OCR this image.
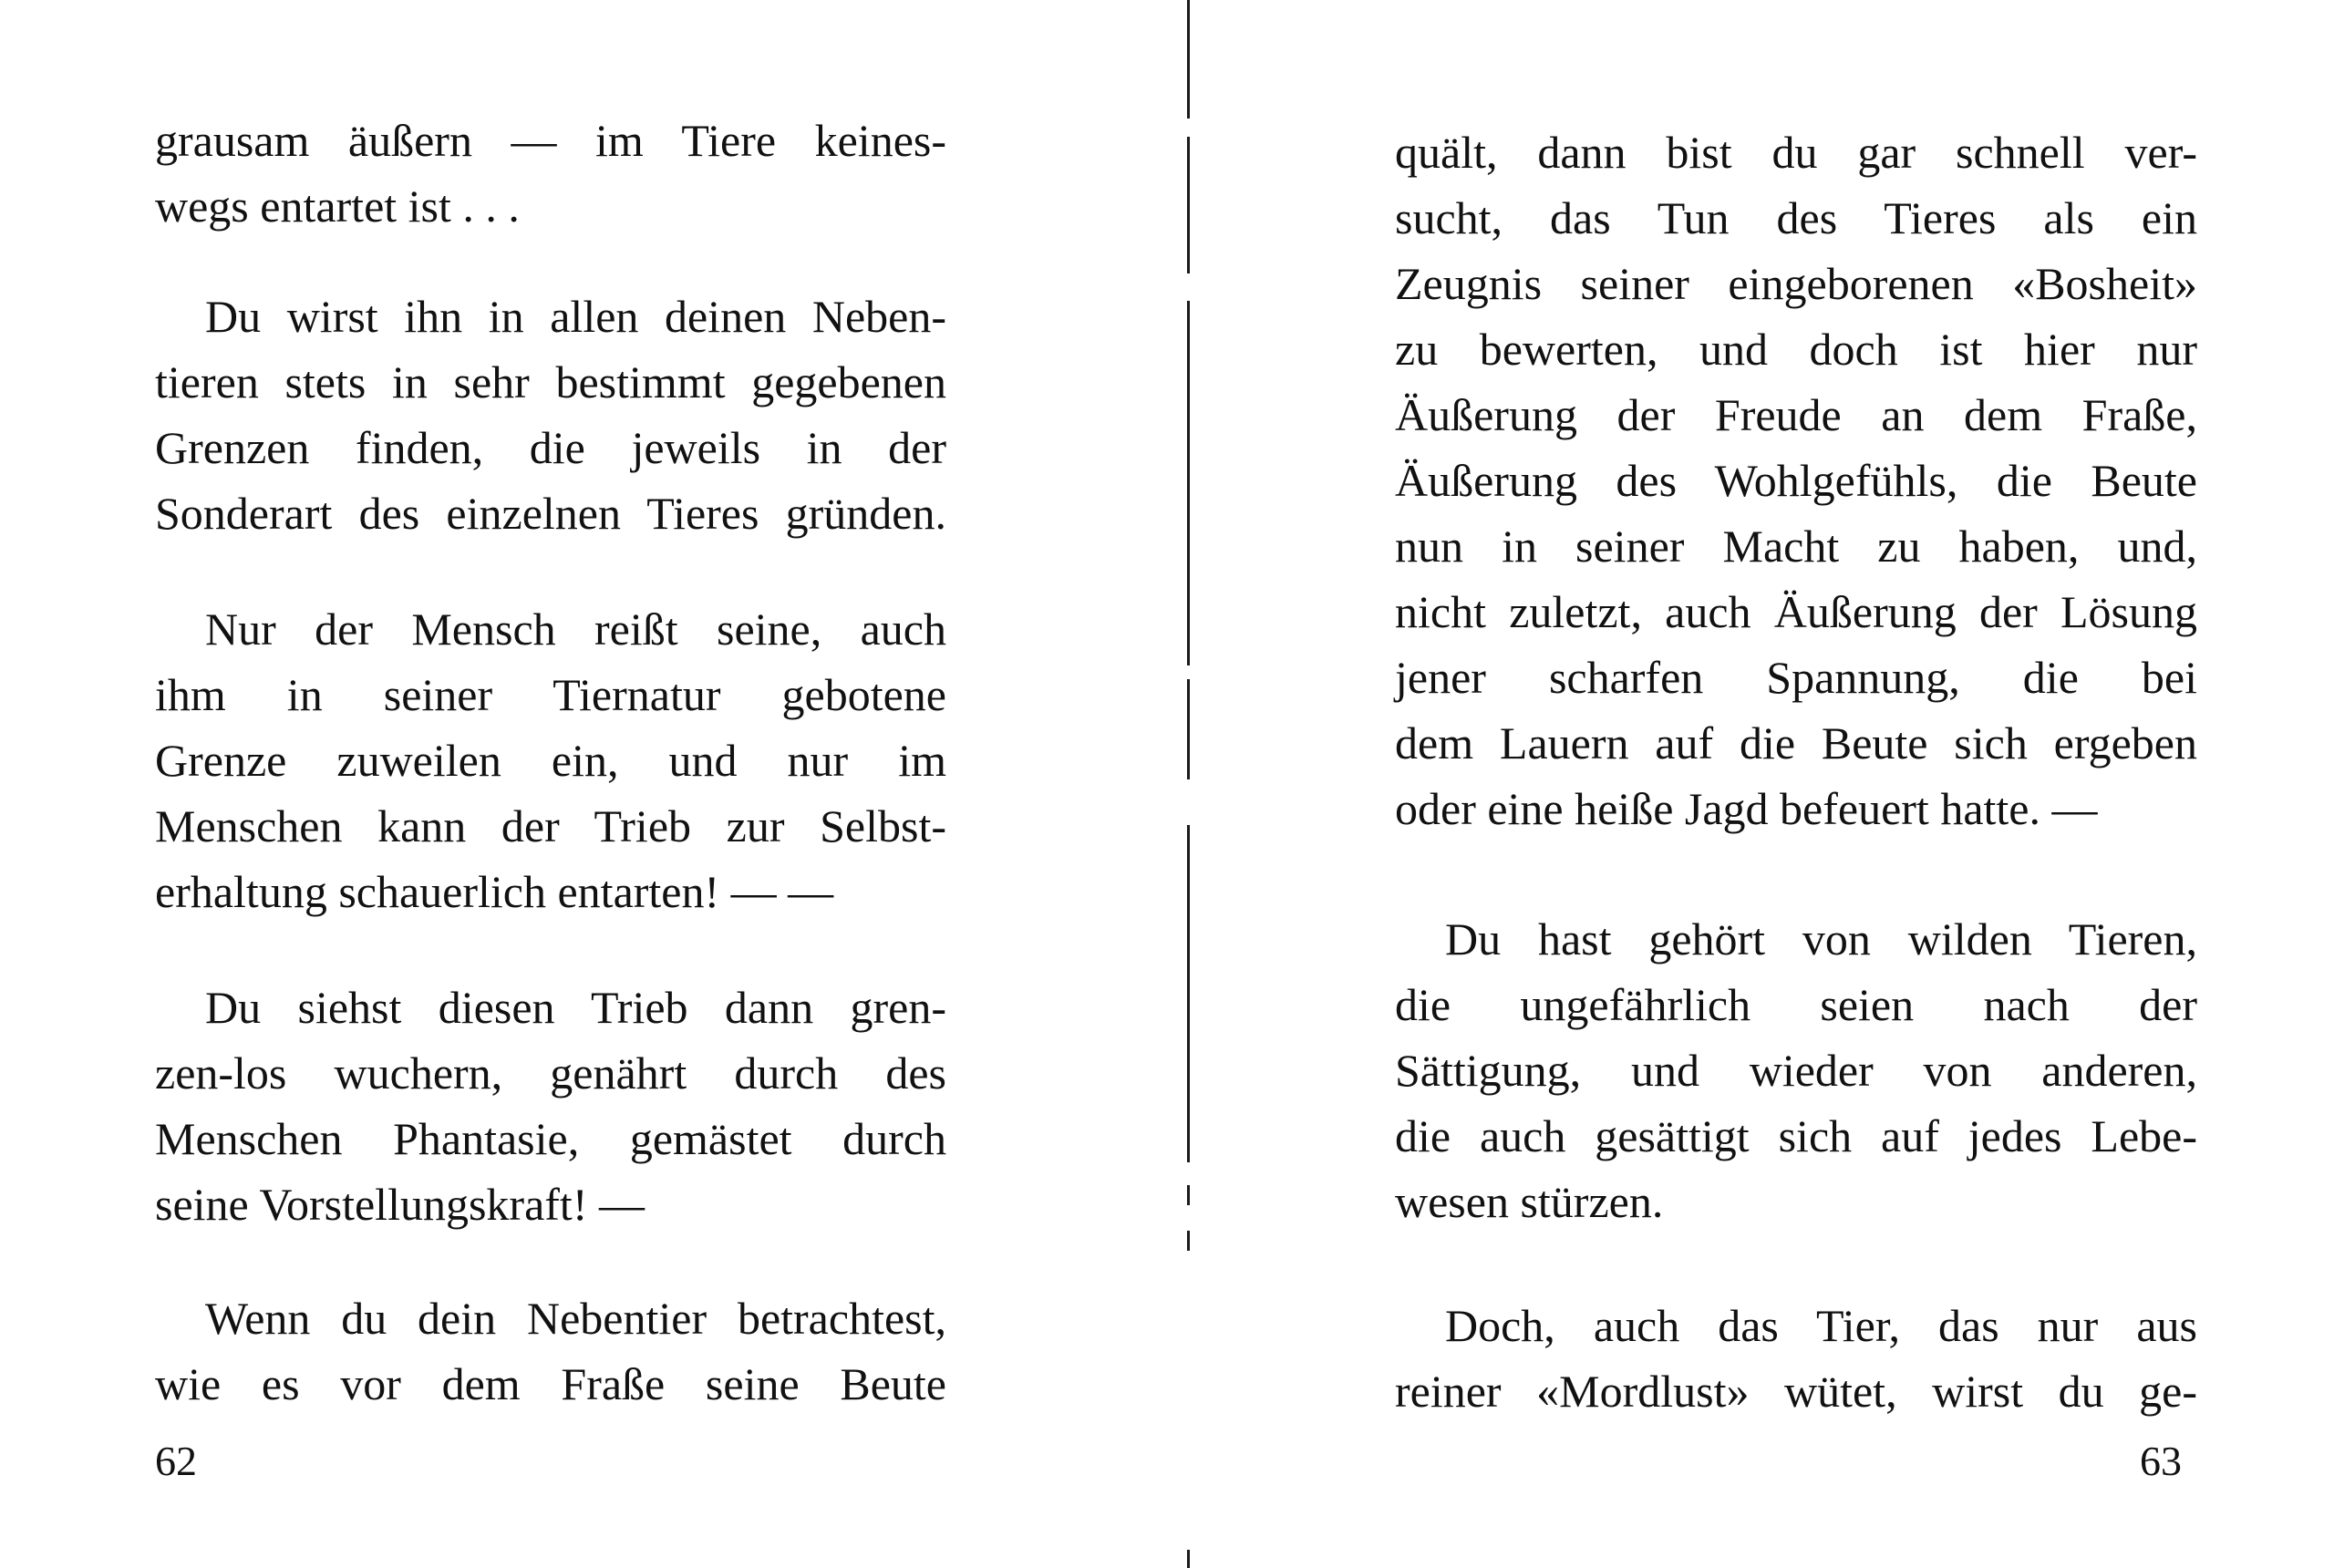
grausam äußern — im Tiere keines-
wegs entartet ist . . .

Du wirst ihn in allen deinen Neben-
tieren stets in sehr bestimmt gegebenen
Grenzen finden, die jeweils in der
Sonderart des einzelnen Tieres gründen.

Nur der Mensch reißt seine, auch
ihm in seiner Tiernatur gebotene
Grenze zuweilen ein, und nur im
Menschen kann der Trieb zur Selbst-
erhaltung schauerlich entarten! — —

Du siehst diesen Trieb dann gren-
zen-los wuchern, genährt durch des
Menschen Phantasie, gemästet durch
seine Vorstellungskraft! —

Wenn du dein Nebentier betrachtest,
wie es vor dem Fraße seine Beute

62

quält, dann bist du gar schnell ver-
sucht, das Tun des Tieres als ein
Zeugnis seiner eingeborenen «Bosheit»
zu bewerten, und doch ist hier nur
Äußerung der Freude an dem Fraße,
Äußerung des Wohlgefühls, die Beute
nun in seiner Macht zu haben, und,
nicht zuletzt, auch Äußerung der Lösung
jener scharfen Spannung, die bei
dem Lauern auf die Beute sich ergeben
oder eine heiße Jagd befeuert hatte. —

Du hast gehört von wilden Tieren,
die ungefährlich seien nach der
Sättigung, und wieder von anderen,
die auch gesättigt sich auf jedes Lebe-
wesen stürzen.

Doch, auch das Tier, das nur aus
reiner «Mordlust» wütet, wirst du ge-

63
